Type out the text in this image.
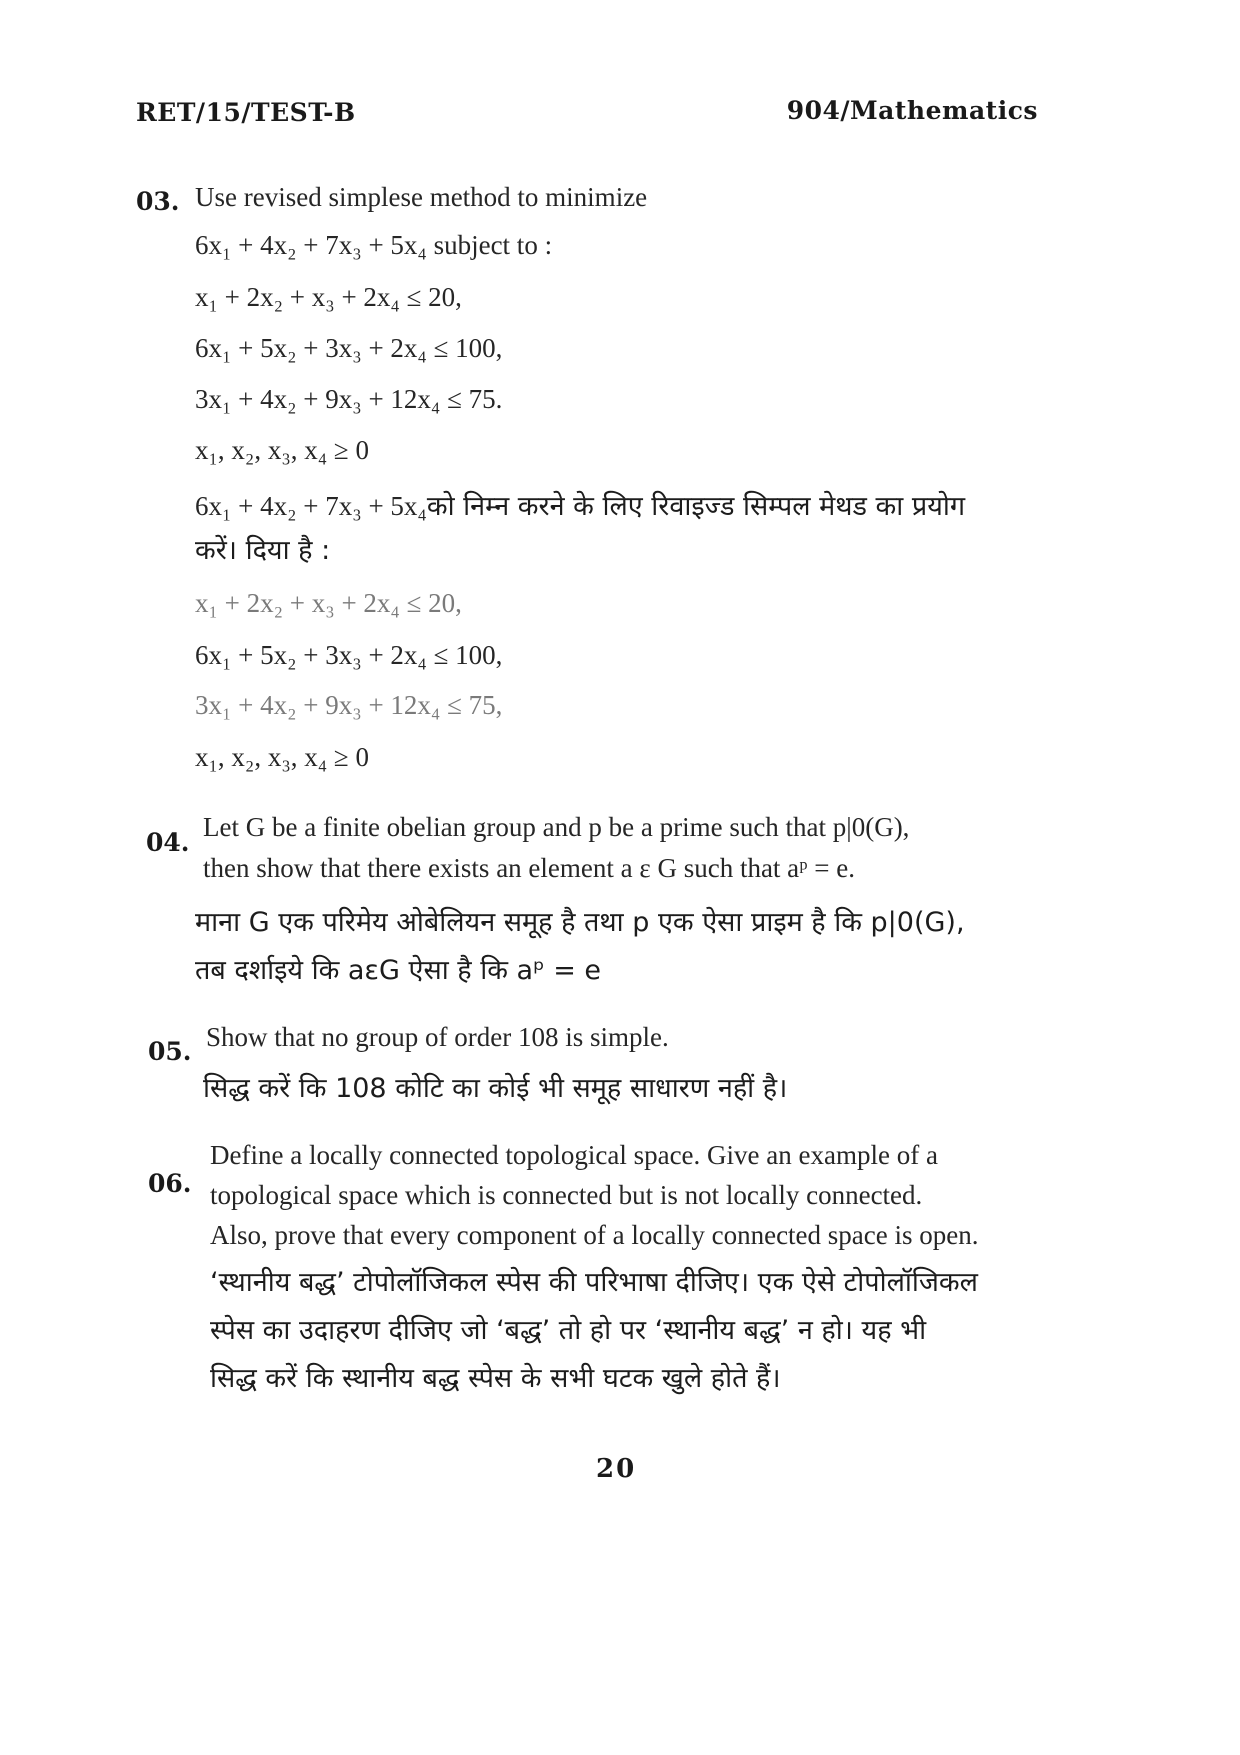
RET/15/TEST-B	904/Mathematics
03. Use revised simplese method to minimize
6x₁ + 4x₂ + 7x₃ + 5x₄ subject to :
x₁ + 2x₂ + x₃ + 2x₄ ≤ 20,
6x₁ + 5x₂ + 3x₃ + 2x₄ ≤ 100,
3x₁ + 4x₂ + 9x₃ + 12x₄ ≤ 75.
x₁, x₂, x₃, x₄ ≥ 0
6x₁ + 4x₂ + 7x₃ + 5x₄को निम्न करने के लिए रिवाइज्ड सिम्पल मेथड का प्रयोग
करें। दिया है :
x₁ + 2x₂ + x₃ + 2x₄ ≤ 20,
6x₁ + 5x₂ + 3x₃ + 2x₄ ≤ 100,
3x₁ + 4x₂ + 9x₃ + 12x₄ ≤ 75,
x₁, x₂, x₃, x₄ ≥ 0
04.
Let G be a finite obelian group and p be a prime such that p|0(G),
then show that there exists an element a ε G such that aᵖ = e.
माना G एक परिमेय ओबेलियन समूह है तथा p एक ऐसा प्राइम है कि p|0(G),
तब दर्शाइये कि aεG ऐसा है कि aᵖ = e
05. Show that no group of order 108 is simple.
सिद्ध करें कि 108 कोटि का कोई भी समूह साधारण नहीं है।
06.
Define a locally connected topological space. Give an example of a
topological space which is connected but is not locally connected.
Also, prove that every component of a locally connected space is open.
‘स्थानीय बद्ध’ टोपोलॉजिकल स्पेस की परिभाषा दीजिए। एक ऐसे टोपोलॉजिकल
स्पेस का उदाहरण दीजिए जो ‘बद्ध’ तो हो पर ‘स्थानीय बद्ध’ न हो। यह भी
सिद्ध करें कि स्थानीय बद्ध स्पेस के सभी घटक खुले होते हैं।
20
